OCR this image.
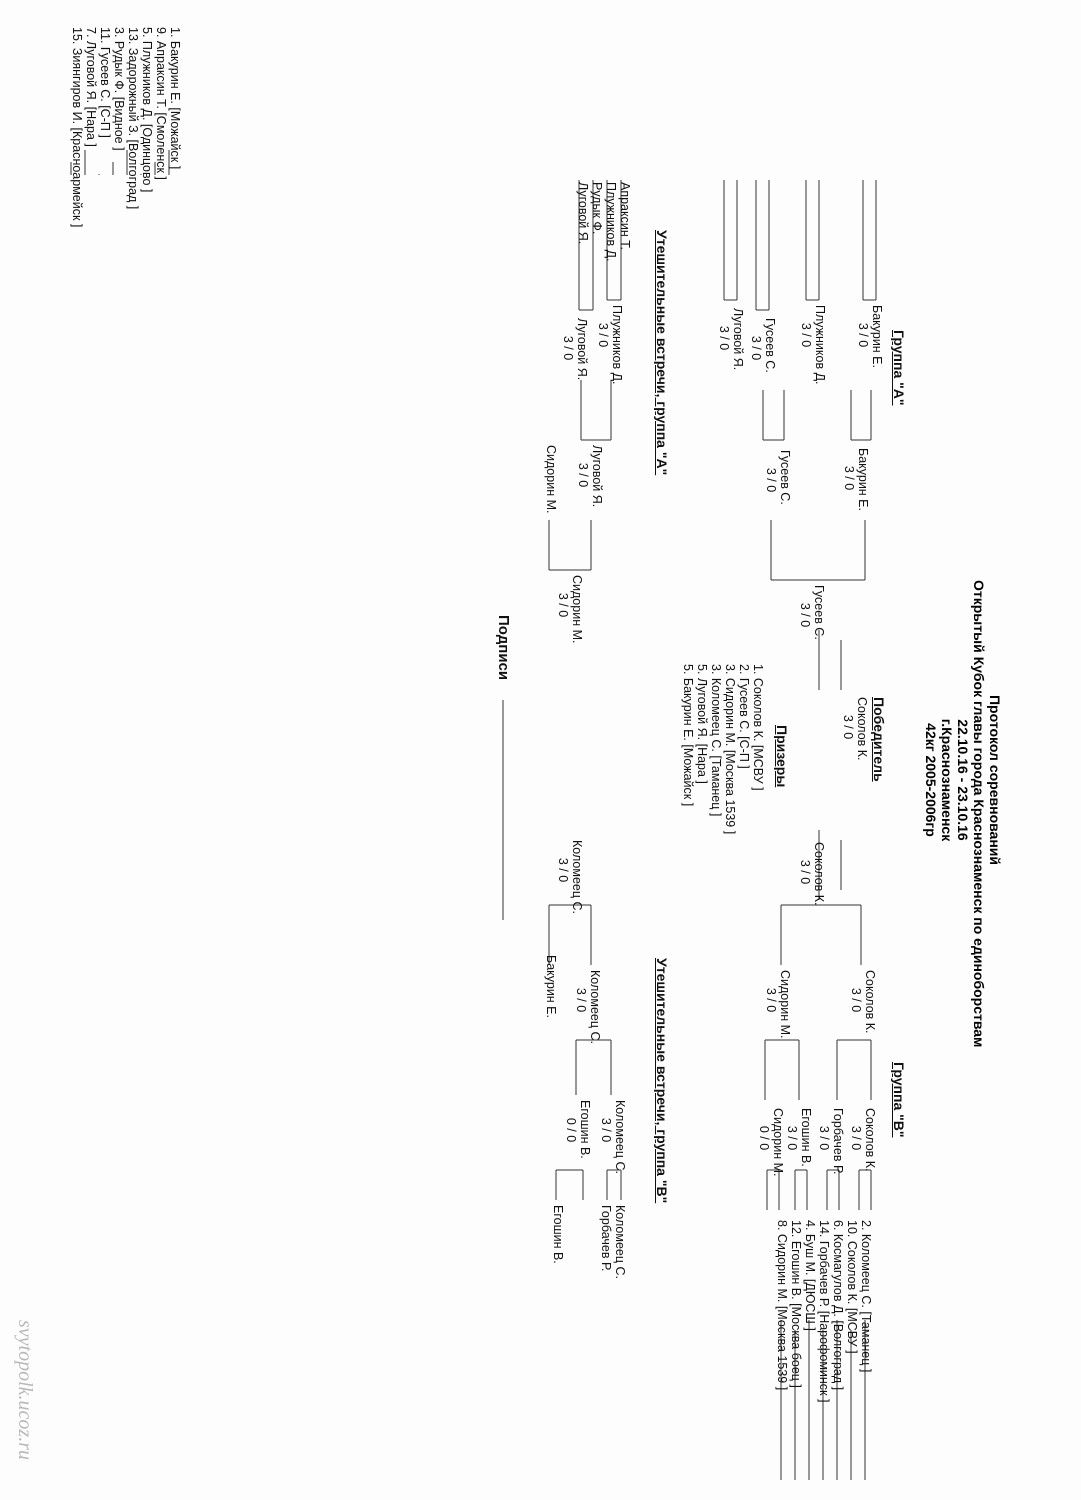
Протокол соревнований
Открытый Кубок главы города Краснознаменск по единоборствам
22.10.16 - 23.10.16
г.Краснознаменск
42кг 2005-2006гр
Группа "А"
1. Бакурин Е. [Можайск ]
9. Апраксин Т. [Смоленск ]
5. Плужников Д. [Одинцово ]
13. Задорожный З. [Волгоград ]
3. Рудык Ф. [Видное ]
11. Гусеев С. [С-П ]
7. Луговой Я. [Нара ]
15. Зиянгиров И. [Красноармейск ]
Бакурин Е.
3 / 0
Плужников Д.
3 / 0
Гусеев С.
3 / 0
Луговой Я.
3 / 0
Бакурин Е.
3 / 0
Гусеев С.
3 / 0
Гусеев С.
3 / 0
Победитель
Соколов К.
3 / 0
Призеры
1. Соколов К. [МСВУ ]
2. Гусеев С. [С-П ]
3. Сидорин М. [Москва 1539 ]
3. Коломеец С. [Таманец ]
5. Луговой Я. [Нара ]
5. Бакурин Е. [Можайск ]
Группа "В"
2. Коломеец С. [Таманец ]
10. Соколов К. [МСВУ ]
6. Космагулов Д. [Волгоград ]
14. Горбачев Р. [Нарофоминск ]
4. Буш М. [ДЮСШ ]
12. Егошин В. [Москва боец ]
8. Сидорин М. [Москва 1539 ]
Соколов К.
3 / 0
Горбачев Р.
3 / 0
Егошин В.
3 / 0
Сидорин М.
0 / 0
Соколов К.
3 / 0
Сидорин М.
3 / 0
Соколов К.
3 / 0
Утешительные встречи, группа "А"
Апраксин Т.
Плужников Д.
Рудык Ф.
Луговой Я.
Плужников Д.
3 / 0
Луговой Я.
3 / 0
Луговой Я.
3 / 0
Сидорин М.
Сидорин М.
3 / 0
Утешительные встречи, группа "В"
Коломеец С.
Горбачев Р.
Егошин В.
Коломеец С.
3 / 0
Егошин В.
0 / 0
Коломеец С.
3 / 0
Бакурин Е.
Коломеец С.
3 / 0
Подписи
svytopolk.ucoz.ru
